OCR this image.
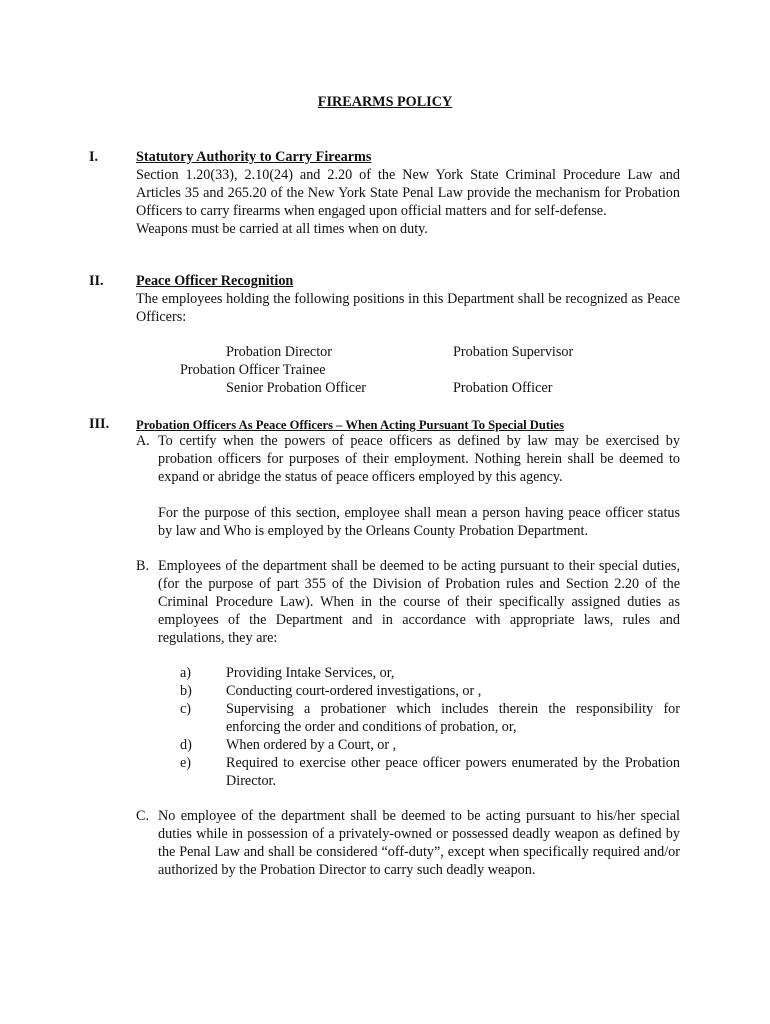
FIREARMS POLICY
I.	Statutory Authority to Carry Firearms

Section 1.20(33), 2.10(24) and 2.20 of the New York State Criminal Procedure Law and Articles 35 and 265.20 of the New York State Penal Law provide the mechanism for Probation Officers to carry firearms when engaged upon official matters and for self-defense.

Weapons must be carried at all times when on duty.

II. Peace Officer Recognition
The employees holding the following positions in this Department shall be recognized as Peace Officers:
Probation Director	Probation Supervisor
Probation Officer Trainee
Senior Probation Officer	Probation Officer
III. Probation Officers As Peace Officers – When Acting Pursuant To Special Duties
A. To certify when the powers of peace officers as defined by law may be exercised by probation officers for purposes of their employment. Nothing herein shall be deemed to expand or abridge the status of peace officers employed by this agency.
For the purpose of this section, employee shall mean a person having peace officer status by law and Who is employed by the Orleans County Probation Department.
B. Employees of the department shall be deemed to be acting pursuant to their special duties, (for the purpose of part 355 of the Division of Probation rules and Section 2.20 of the Criminal Procedure Law). When in the course of their specifically assigned duties as employees of the Department and in accordance with appropriate laws, rules and regulations, they are:
a) Providing Intake Services, or,
b) Conducting court-ordered investigations, or ,
c) Supervising a probationer which includes therein the responsibility for enforcing the order and conditions of probation, or,
d) When ordered by a Court, or ,
e) Required to exercise other peace officer powers enumerated by the Probation Director.
C. No employee of the department shall be deemed to be acting pursuant to his/her special duties while in possession of a privately-owned or possessed deadly weapon as defined by the Penal Law and shall be considered “off-duty”, except when specifically required and/or authorized by the Probation Director to carry such deadly weapon.
